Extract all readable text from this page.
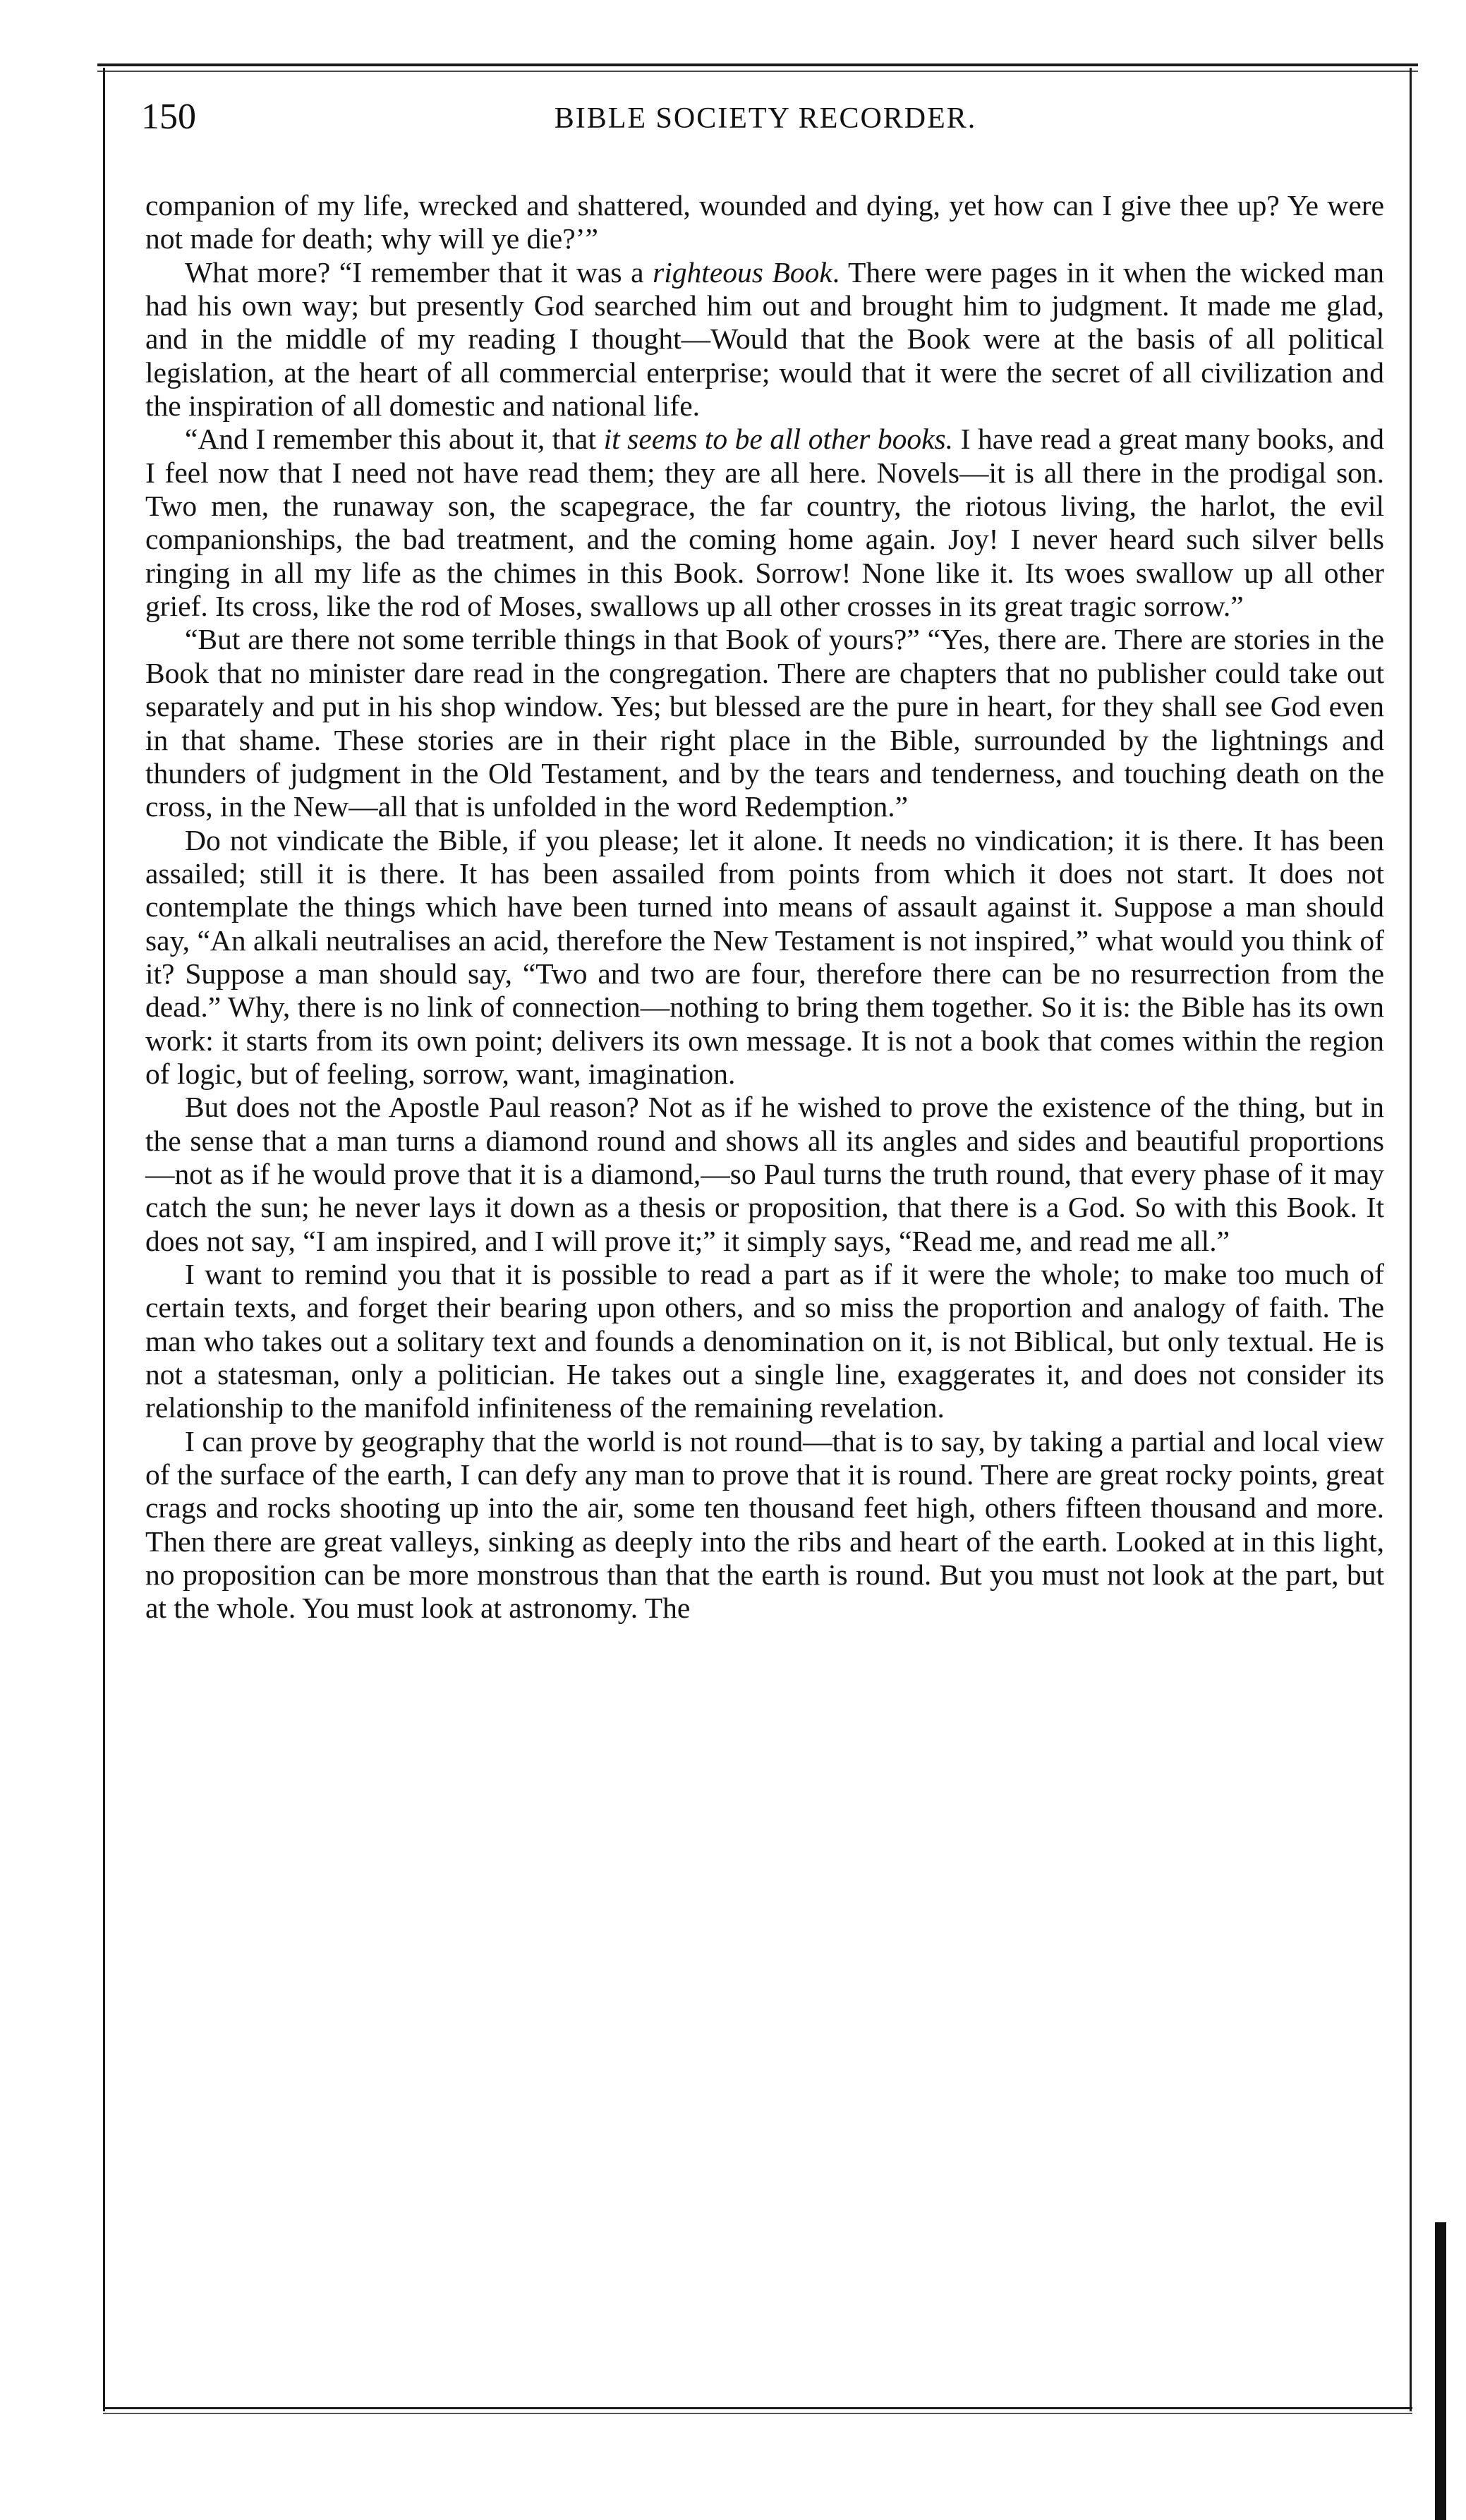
150	BIBLE SOCIETY RECORDER.

companion of my life, wrecked and shattered, wounded and dying, yet how can I give thee up? Ye were not made for death; why will ye die?’”

What more? “I remember that it was a righteous Book. There were pages in it when the wicked man had his own way; but presently God searched him out and brought him to judgment. It made me glad, and in the middle of my reading I thought—Would that the Book were at the basis of all political legislation, at the heart of all commercial enterprise; would that it were the secret of all civilization and the inspiration of all domestic and national life.

“And I remember this about it, that it seems to be all other books. I have read a great many books, and I feel now that I need not have read them; they are all here. Novels—it is all there in the prodigal son. Two men, the runaway son, the scapegrace, the far country, the riotous living, the harlot, the evil companionships, the bad treatment, and the coming home again. Joy! I never heard such silver bells ringing in all my life as the chimes in this Book. Sorrow! None like it. Its woes swallow up all other grief. Its cross, like the rod of Moses, swallows up all other crosses in its great tragic sorrow.”

“But are there not some terrible things in that Book of yours?” “Yes, there are. There are stories in the Book that no minister dare read in the congregation. There are chapters that no publisher could take out separately and put in his shop window. Yes; but blessed are the pure in heart, for they shall see God even in that shame. These stories are in their right place in the Bible, surrounded by the lightnings and thunders of judgment in the Old Testament, and by the tears and tenderness, and touching death on the cross, in the New—all that is unfolded in the word Redemption.”

Do not vindicate the Bible, if you please; let it alone. It needs no vindication; it is there. It has been assailed; still it is there. It has been assailed from points from which it does not start. It does not contemplate the things which have been turned into means of assault against it. Suppose a man should say, “An alkali neutralises an acid, therefore the New Testament is not inspired,” what would you think of it? Suppose a man should say, “Two and two are four, therefore there can be no resurrection from the dead.” Why, there is no link of connection—nothing to bring them together. So it is: the Bible has its own work: it starts from its own point; delivers its own message. It is not a book that comes within the region of logic, but of feeling, sorrow, want, imagination.

But does not the Apostle Paul reason? Not as if he wished to prove the existence of the thing, but in the sense that a man turns a diamond round and shows all its angles and sides and beautiful proportions—not as if he would prove that it is a diamond,—so Paul turns the truth round, that every phase of it may catch the sun; he never lays it down as a thesis or proposition, that there is a God. So with this Book. It does not say, “I am inspired, and I will prove it;” it simply says, “Read me, and read me all.”

I want to remind you that it is possible to read a part as if it were the whole; to make too much of certain texts, and forget their bearing upon others, and so miss the proportion and analogy of faith. The man who takes out a solitary text and founds a denomination on it, is not Biblical, but only textual. He is not a statesman, only a politician. He takes out a single line, exaggerates it, and does not consider its relationship to the manifold infiniteness of the remaining revelation.

I can prove by geography that the world is not round—that is to say, by taking a partial and local view of the surface of the earth, I can defy any man to prove that it is round. There are great rocky points, great crags and rocks shooting up into the air, some ten thousand feet high, others fifteen thousand and more. Then there are great valleys, sinking as deeply into the ribs and heart of the earth. Looked at in this light, no proposition can be more monstrous than that the earth is round. But you must not look at the part, but at the whole. You must look at astronomy. The
